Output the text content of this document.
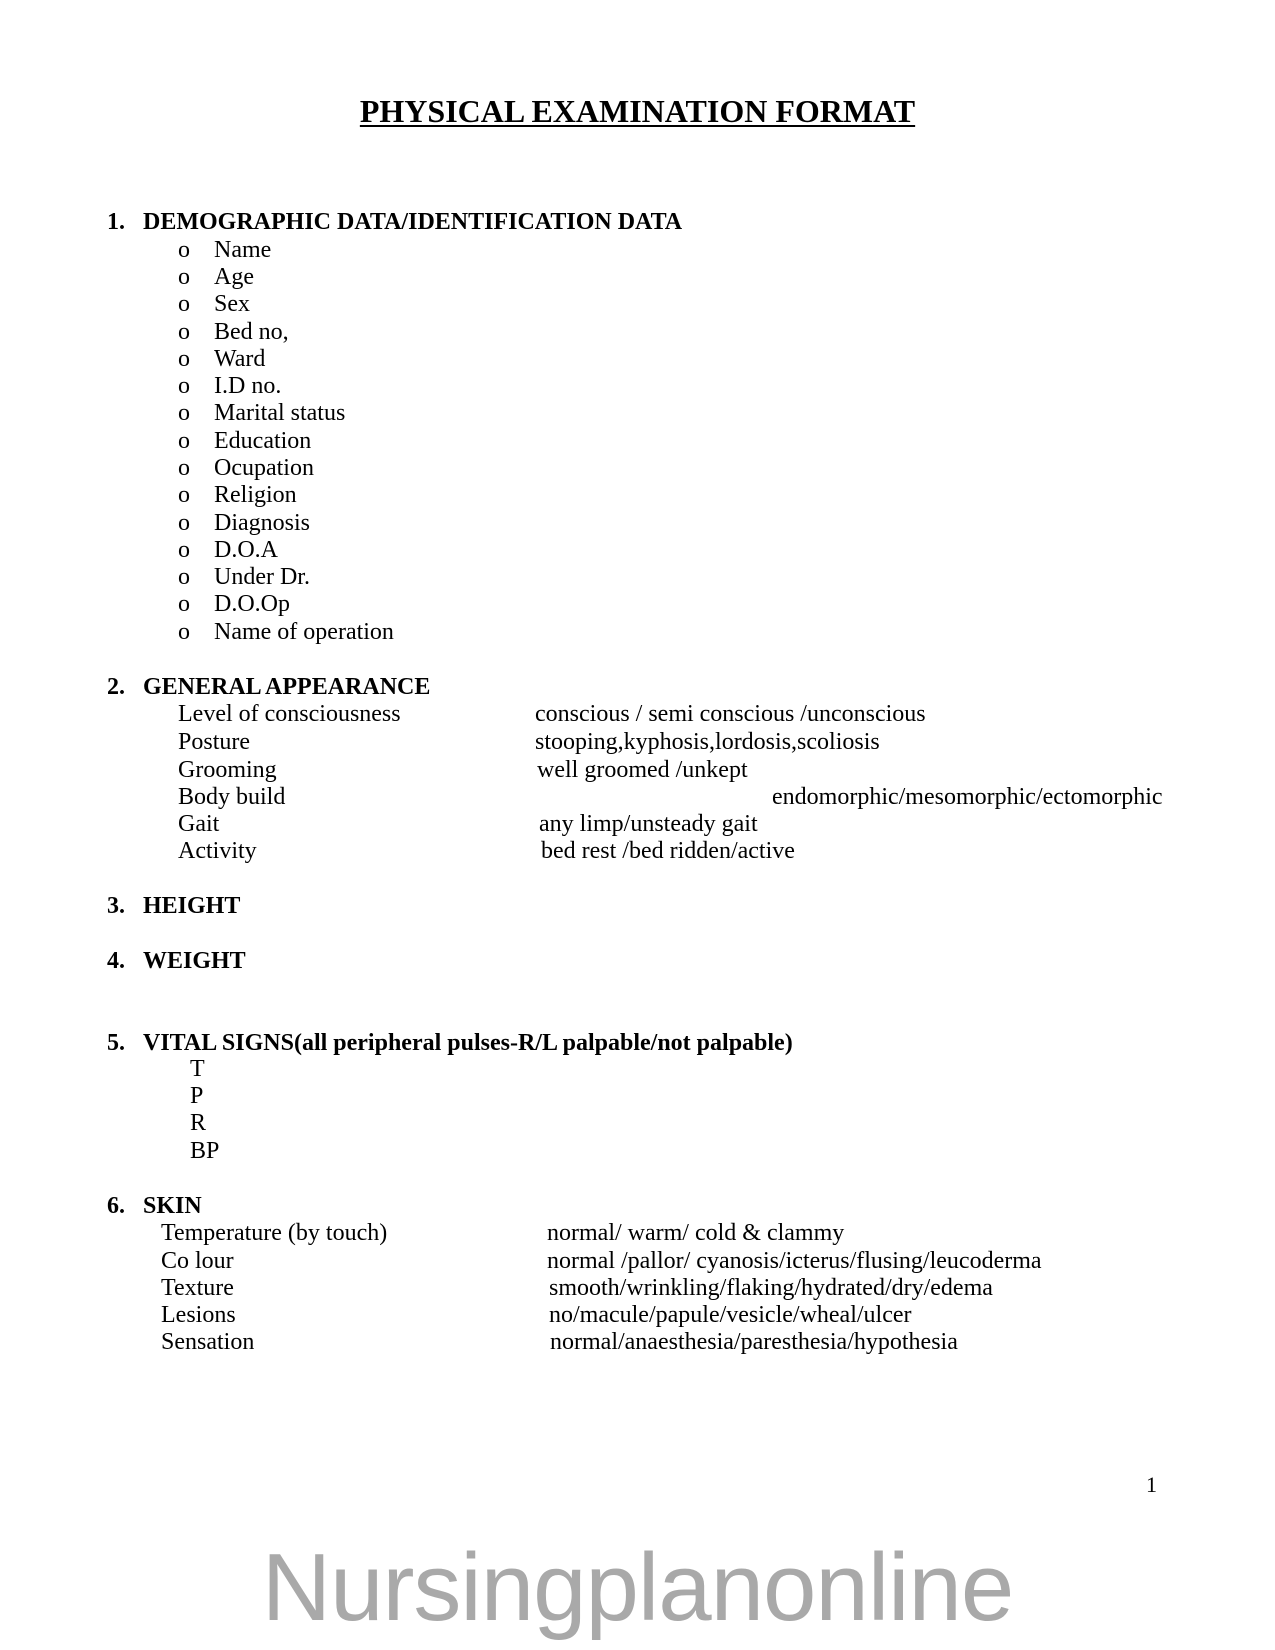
PHYSICAL EXAMINATION FORMAT
1. DEMOGRAPHIC DATA/IDENTIFICATION DATA
o Name
o Age
o Sex
o Bed no,
o Ward
o I.D no.
o Marital status
o Education
o Ocupation
o Religion
o Diagnosis
o D.O.A
o Under Dr.
o D.O.Op
o Name of operation
2. GENERAL APPEARANCE
Level of consciousness	conscious / semi conscious /unconscious
Posture	stooping,kyphosis,lordosis,scoliosis
Grooming	well groomed /unkept
Body build	endomorphic/mesomorphic/ectomorphic
Gait	any limp/unsteady gait
Activity	bed rest /bed ridden/active
3. HEIGHT
4. WEIGHT
5. VITAL SIGNS(all peripheral pulses-R/L palpable/not palpable)
T
P
R
BP
6. SKIN
Temperature (by touch)	normal/ warm/ cold & clammy
Co lour	normal /pallor/ cyanosis/icterus/flusing/leucoderma
Texture	smooth/wrinkling/flaking/hydrated/dry/edema
Lesions	no/macule/papule/vesicle/wheal/ulcer
Sensation	normal/anaesthesia/paresthesia/hypothesia
1
Nursingplanonline
